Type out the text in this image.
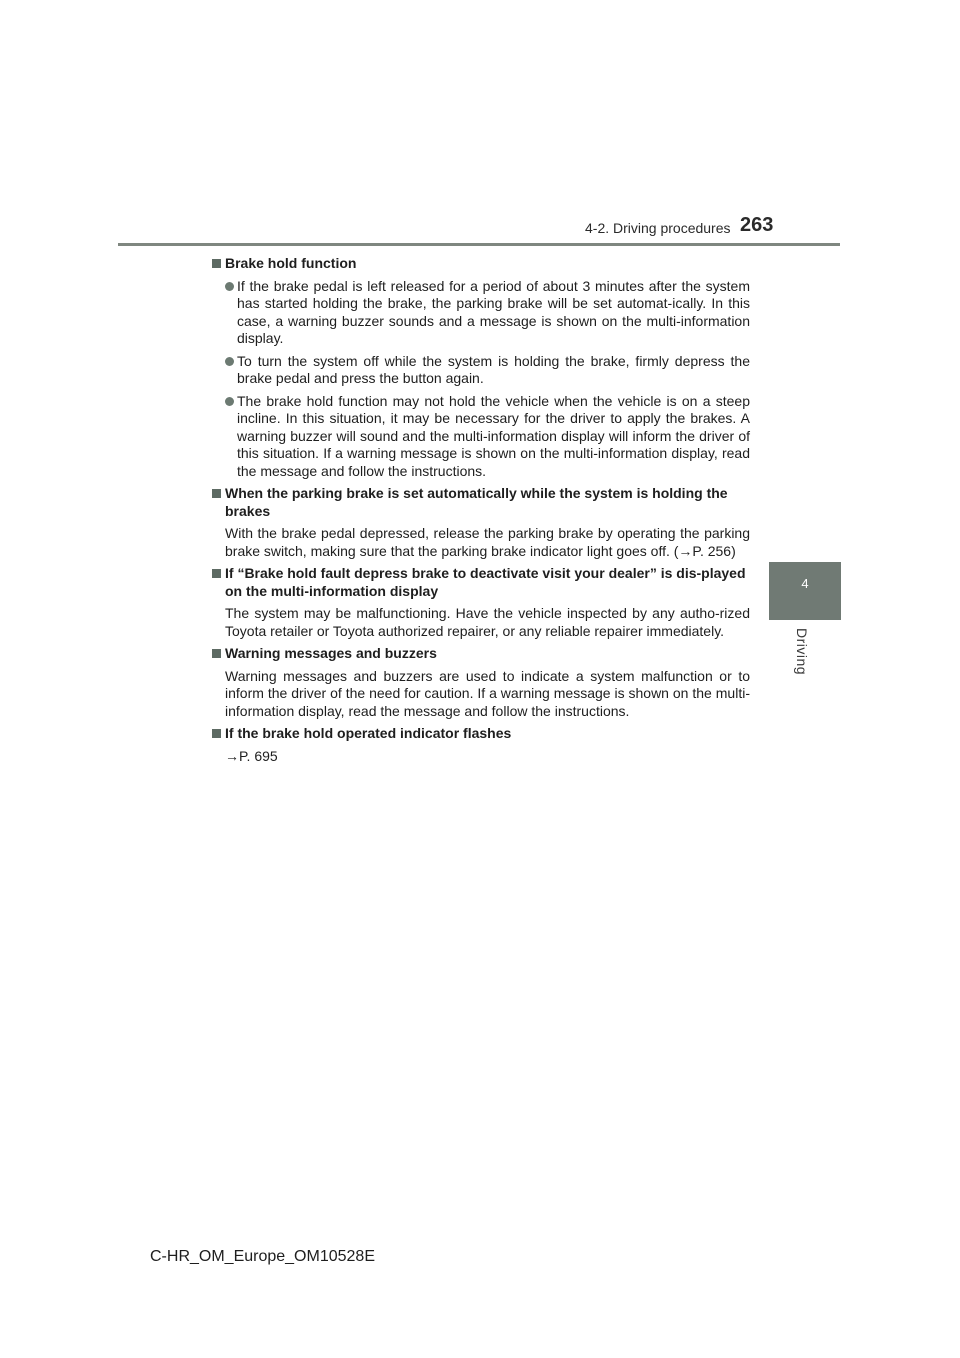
4-2. Driving procedures 263
4
Driving
Brake hold function
If the brake pedal is left released for a period of about 3 minutes after the system has started holding the brake, the parking brake will be set automat-ically. In this case, a warning buzzer sounds and a message is shown on the multi-information display.
To turn the system off while the system is holding the brake, firmly depress the brake pedal and press the button again.
The brake hold function may not hold the vehicle when the vehicle is on a steep incline. In this situation, it may be necessary for the driver to apply the brakes. A warning buzzer will sound and the multi-information display will inform the driver of this situation. If a warning message is shown on the multi-information display, read the message and follow the instructions.
When the parking brake is set automatically while the system is holding the brakes
With the brake pedal depressed, release the parking brake by operating the parking brake switch, making sure that the parking brake indicator light goes off. (→P. 256)
If “Brake hold fault depress brake to deactivate visit your dealer” is dis-played on the multi-information display
The system may be malfunctioning. Have the vehicle inspected by any autho-rized Toyota retailer or Toyota authorized repairer, or any reliable repairer immediately.
Warning messages and buzzers
Warning messages and buzzers are used to indicate a system malfunction or to inform the driver of the need for caution. If a warning message is shown on the multi-information display, read the message and follow the instructions.
If the brake hold operated indicator flashes
→P. 695
C-HR_OM_Europe_OM10528E
